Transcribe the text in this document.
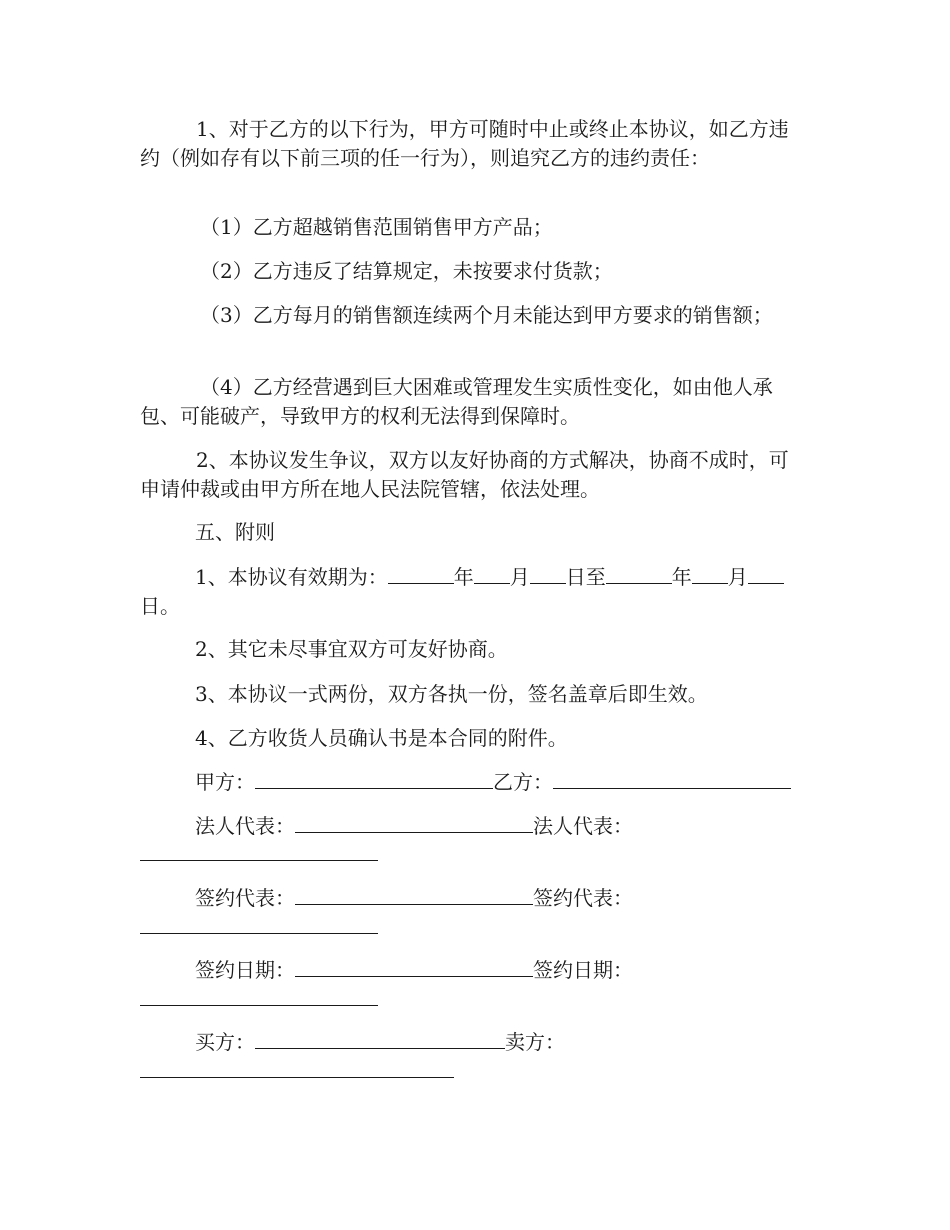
1、对于乙方的以下行为，甲方可随时中止或终止本协议，如乙方违约（例如存有以下前三项的任一行为），则追究乙方的违约责任：

（1）乙方超越销售范围销售甲方产品；

（2）乙方违反了结算规定，未按要求付货款；

（3）乙方每月的销售额连续两个月未能达到甲方要求的销售额；

（4）乙方经营遇到巨大困难或管理发生实质性变化，如由他人承包、可能破产，导致甲方的权利无法得到保障时。

2、本协议发生争议，双方以友好协商的方式解决，协商不成时，可申请仲裁或由甲方所在地人民法院管辖，依法处理。

五、附则
1、本协议有效期为：	年 月 日至	年 月
日。
2、其它未尽事宜双方可友好协商。
3、本协议一式两份，双方各执一份，签名盖章后即生效。
4、乙方收货人员确认书是本合同的附件。
甲方：	乙方：
法人代表：	法人代表：
签约代表：	签约代表：
签约日期：	签约日期：
买方：	卖方：
